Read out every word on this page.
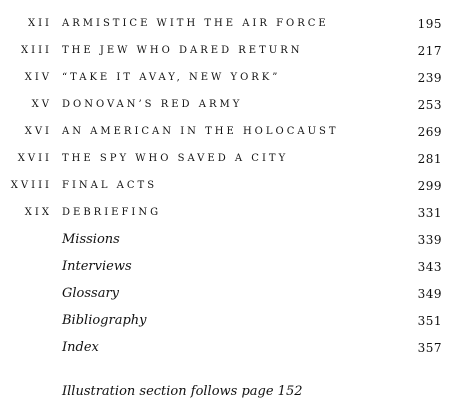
XII ARMISTICE WITH THE AIR FORCE	195
XIII THE JEW WHO DARED RETURN	217
XIV “TAKE IT AVAY, NEW YORK”	239
XV DONOVAN’S RED ARMY	253
XVI AN AMERICAN IN THE HOLOCAUST	269
XVII THE SPY WHO SAVED A CITY	281
XVIII FINAL ACTS	299
XIX DEBRIEFING	331
Missions	339
Interviews	343
Glossary	349
Bibliography	351
Index	357
Illustration section follows page 152
